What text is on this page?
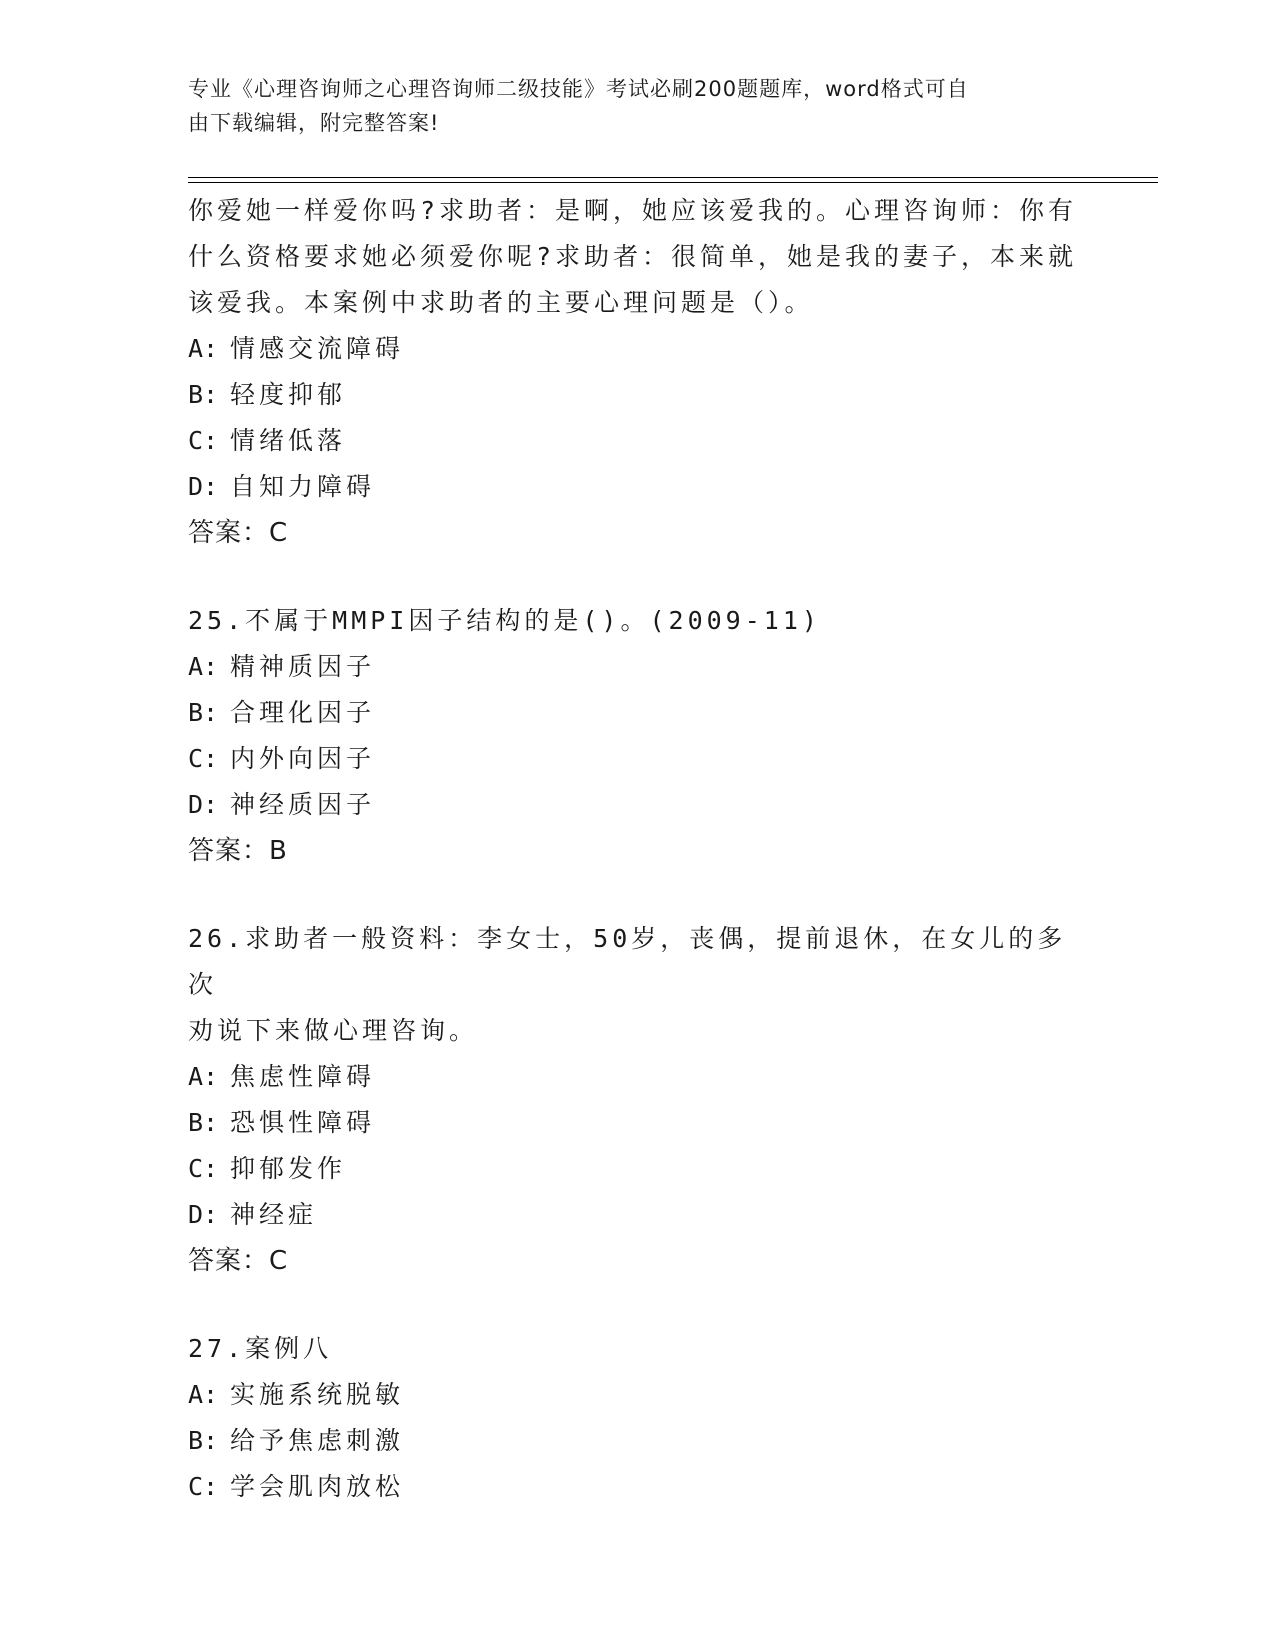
专业《心理咨询师之心理咨询师二级技能》考试必刷200题题库，word格式可自
由下载编辑，附完整答案!
你爱她一样爱你吗?求助者：是啊，她应该爱我的。心理咨询师：你有
什么资格要求她必须爱你呢?求助者：很简单，她是我的妻子，本来就
该爱我。本案例中求助者的主要心理问题是（）。
A: 情感交流障碍
B: 轻度抑郁
C: 情绪低落
D: 自知力障碍
答案：C
25.不属于MMPI因子结构的是()。(2009-11)
A: 精神质因子
B: 合理化因子
C: 内外向因子
D: 神经质因子
答案：B
26.求助者一般资料：李女士，50岁，丧偶，提前退休，在女儿的多次
劝说下来做心理咨询。
A: 焦虑性障碍
B: 恐惧性障碍
C: 抑郁发作
D: 神经症
答案：C
27.案例八
A: 实施系统脱敏
B: 给予焦虑刺激
C: 学会肌肉放松
